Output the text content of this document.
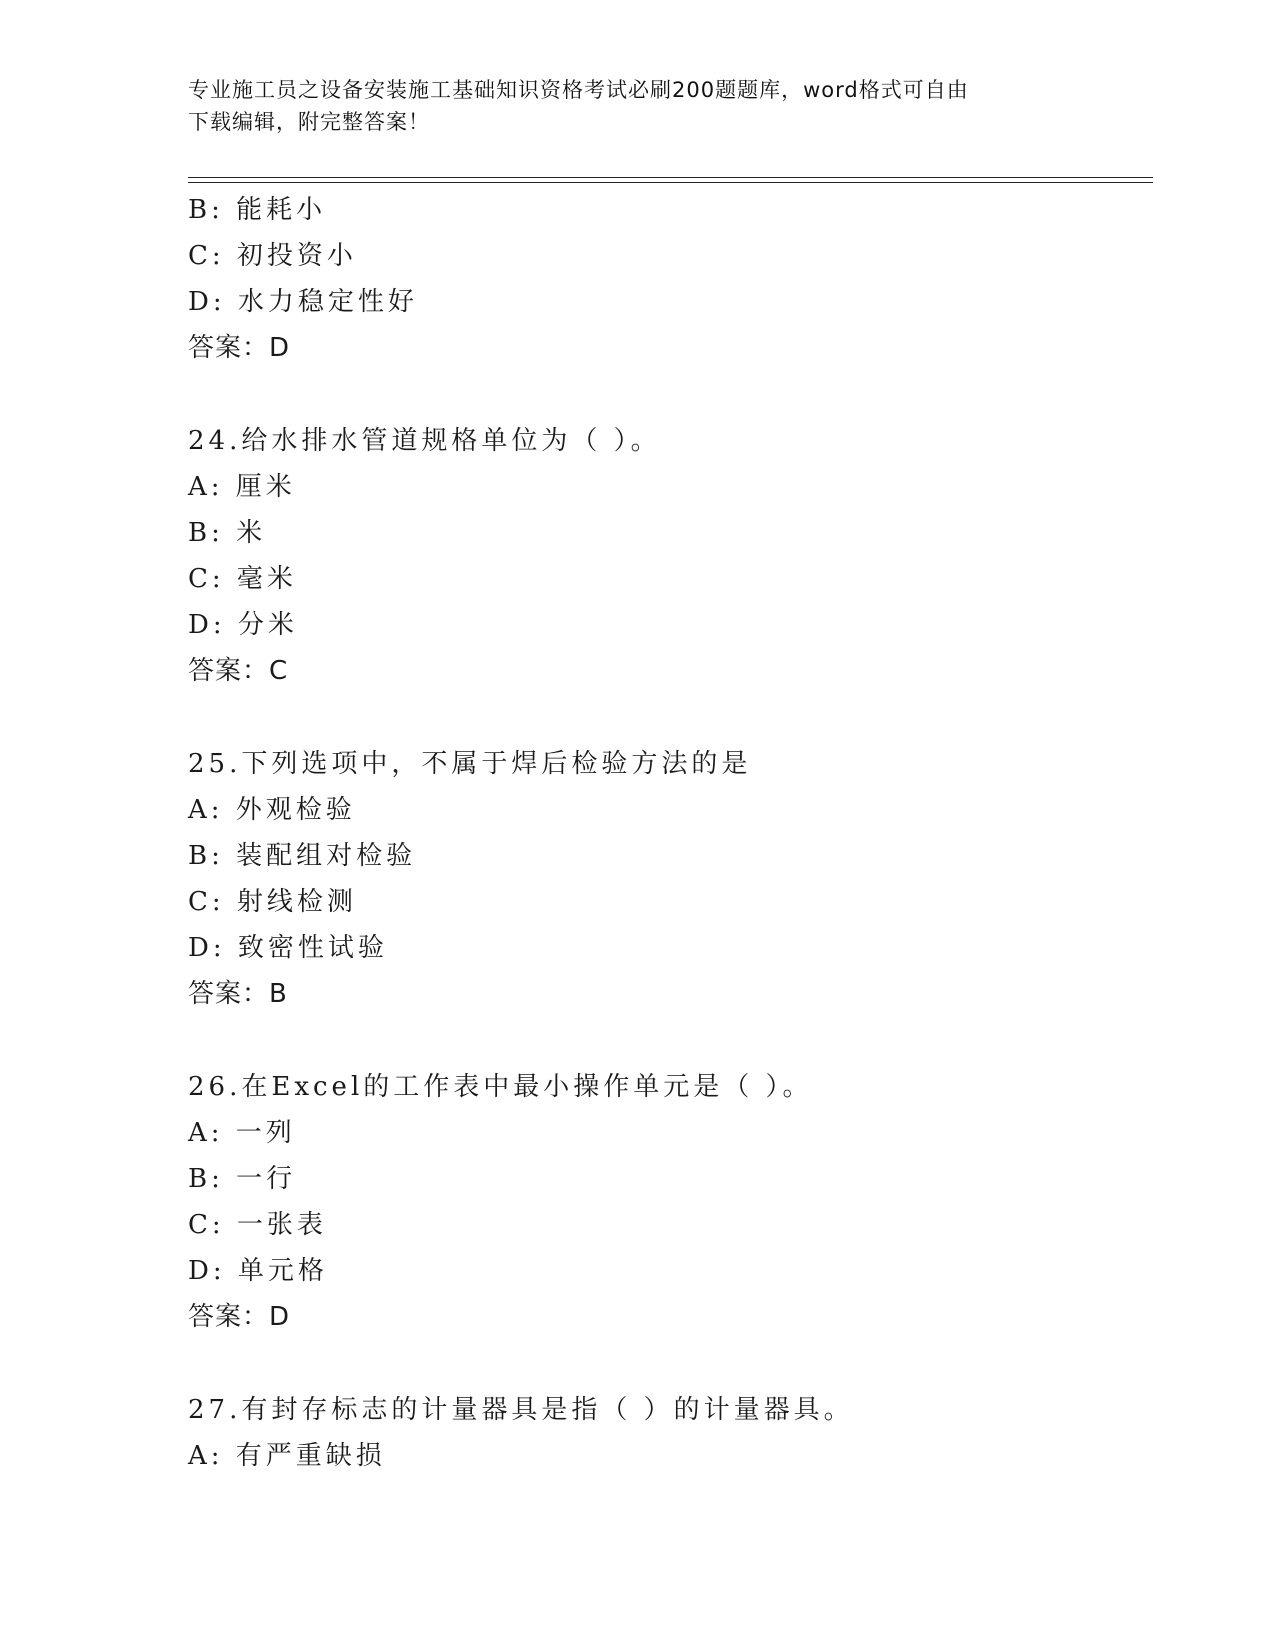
专业施工员之设备安装施工基础知识资格考试必刷200题题库，word格式可自由
下载编辑，附完整答案！
B: 能耗小
C: 初投资小
D: 水力稳定性好
答案：D
24.给水排水管道规格单位为（ ）。
A: 厘米
B: 米
C: 毫米
D: 分米
答案：C
25.下列选项中，不属于焊后检验方法的是
A: 外观检验
B: 装配组对检验
C: 射线检测
D: 致密性试验
答案：B
26.在Excel的工作表中最小操作单元是（ ）。
A: 一列
B: 一行
C: 一张表
D: 单元格
答案：D
27.有封存标志的计量器具是指（ ）的计量器具。
A: 有严重缺损
